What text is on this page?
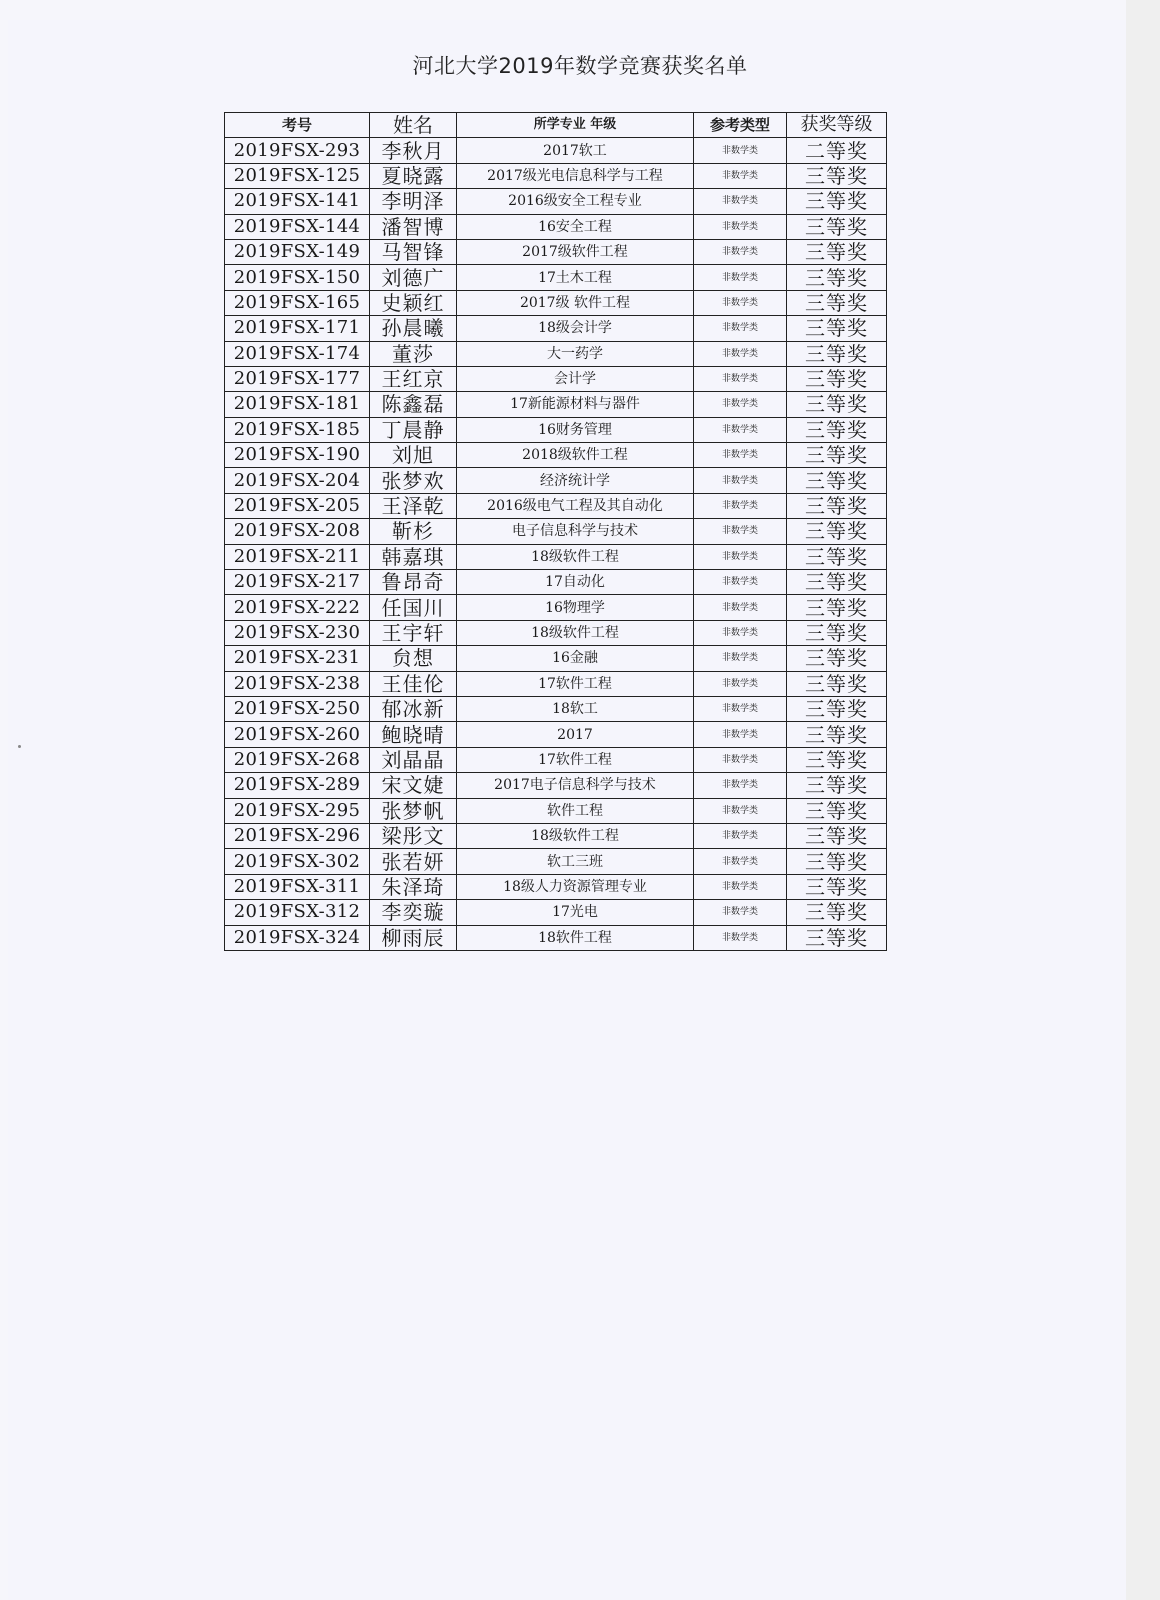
河北大学2019年数学竞赛获奖名单
考号	姓名	所学专业 年级	参考类型	获奖等级
2019FSX-293	李秋月	2017软工	非数学类	二等奖
2019FSX-125	夏晓露	2017级光电信息科学与工程	非数学类	三等奖
2019FSX-141	李明泽	2016级安全工程专业	非数学类	三等奖
2019FSX-144	潘智博	16安全工程	非数学类	三等奖
2019FSX-149	马智锋	2017级软件工程	非数学类	三等奖
2019FSX-150	刘德广	17土木工程	非数学类	三等奖
2019FSX-165	史颖红	2017级 软件工程	非数学类	三等奖
2019FSX-171	孙晨曦	18级会计学	非数学类	三等奖
2019FSX-174	董莎	大一药学	非数学类	三等奖
2019FSX-177	王红京	会计学	非数学类	三等奖
2019FSX-181	陈鑫磊	17新能源材料与器件	非数学类	三等奖
2019FSX-185	丁晨静	16财务管理	非数学类	三等奖
2019FSX-190	刘旭	2018级软件工程	非数学类	三等奖
2019FSX-204	张梦欢	经济统计学	非数学类	三等奖
2019FSX-205	王泽乾	2016级电气工程及其自动化	非数学类	三等奖
2019FSX-208	靳杉	电子信息科学与技术	非数学类	三等奖
2019FSX-211	韩嘉琪	18级软件工程	非数学类	三等奖
2019FSX-217	鲁昂奇	17自动化	非数学类	三等奖
2019FSX-222	任国川	16物理学	非数学类	三等奖
2019FSX-230	王宇轩	18级软件工程	非数学类	三等奖
2019FSX-231	贠想	16金融	非数学类	三等奖
2019FSX-238	王佳伦	17软件工程	非数学类	三等奖
2019FSX-250	郁冰新	18软工	非数学类	三等奖
2019FSX-260	鲍晓晴	2017	非数学类	三等奖
2019FSX-268	刘晶晶	17软件工程	非数学类	三等奖
2019FSX-289	宋文婕	2017电子信息科学与技术	非数学类	三等奖
2019FSX-295	张梦帆	软件工程	非数学类	三等奖
2019FSX-296	梁彤文	18级软件工程	非数学类	三等奖
2019FSX-302	张若妍	软工三班	非数学类	三等奖
2019FSX-311	朱泽琦	18级人力资源管理专业	非数学类	三等奖
2019FSX-312	李奕璇	17光电	非数学类	三等奖
2019FSX-324	柳雨辰	18软件工程	非数学类	三等奖
